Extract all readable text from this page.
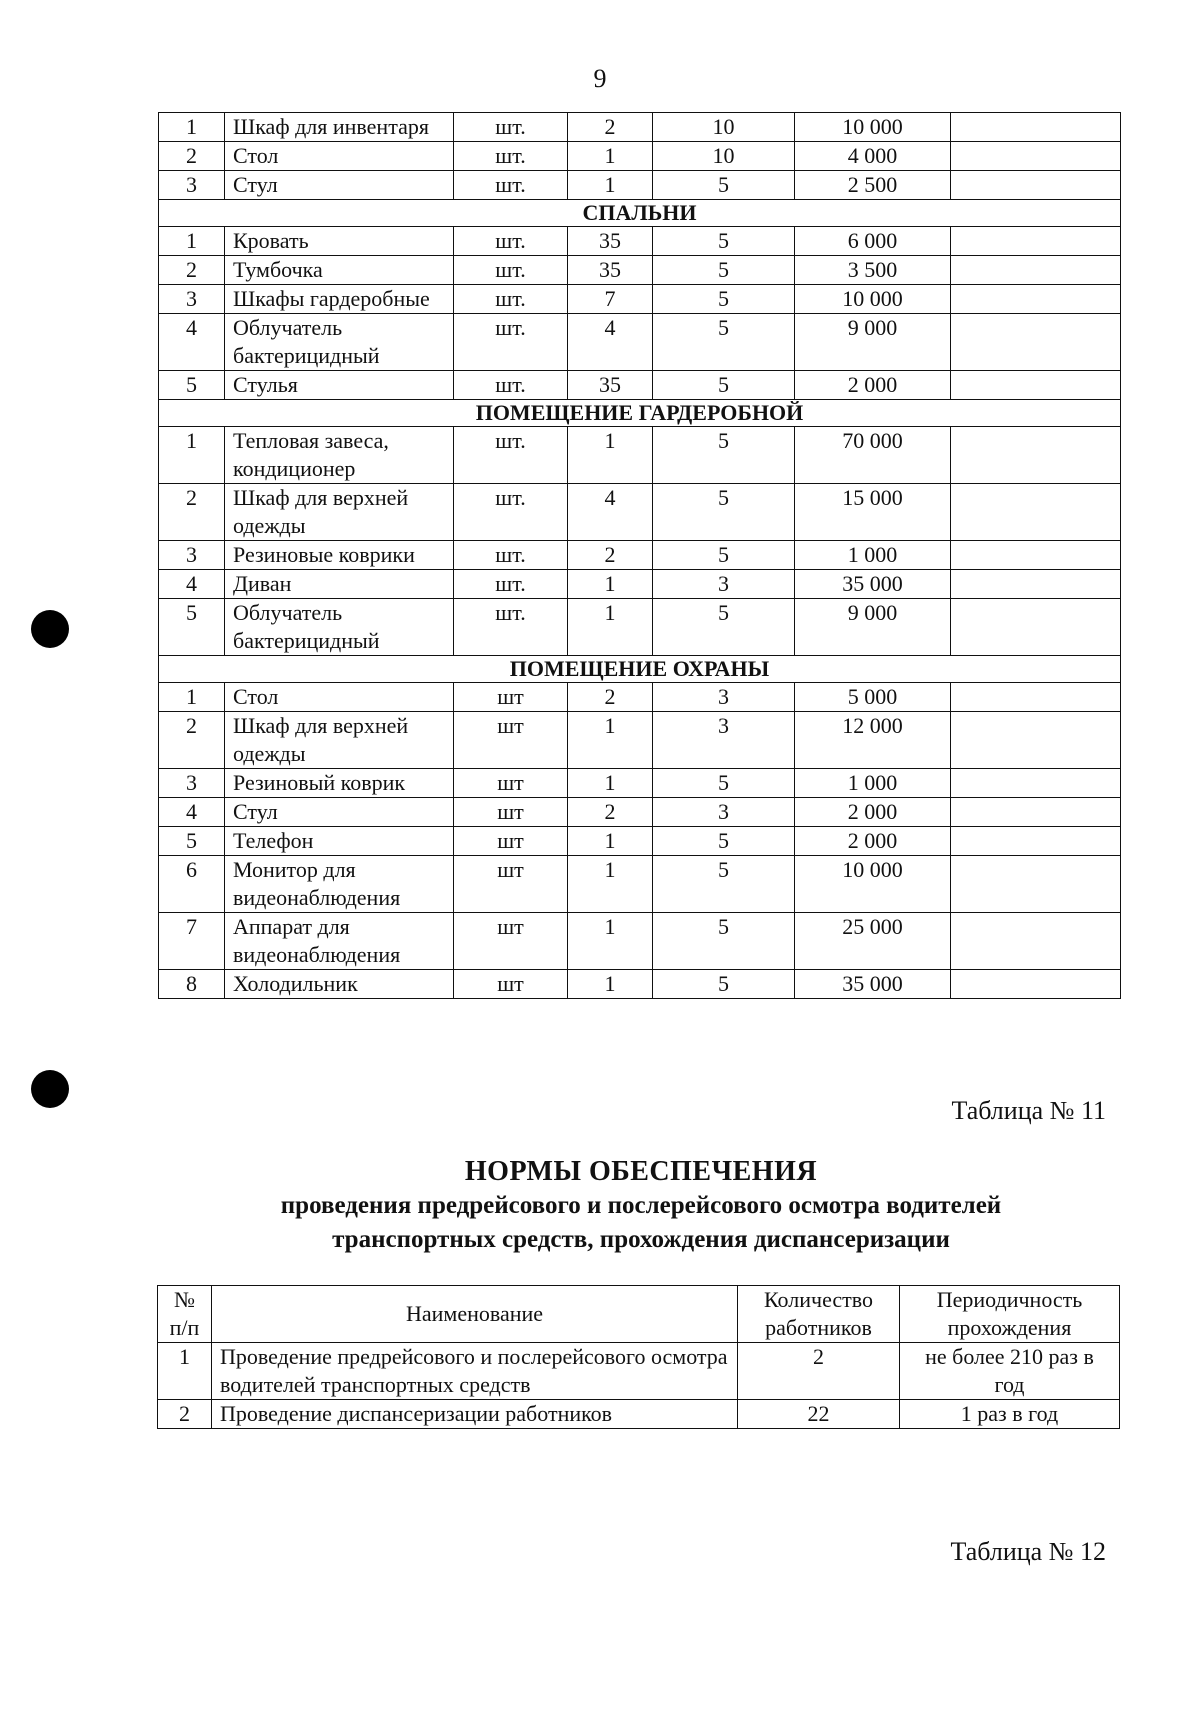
9
1	Шкаф для инвентаря	шт.	2	10	10 000	
2	Стол	шт.	1	10	4 000	
3	Стул	шт.	1	5	2 500	
СПАЛЬНИ						
1	Кровать	шт.	35	5	6 000	
2	Тумбочка	шт.	35	5	3 500	
3	Шкафы гардеробные	шт.	7	5	10 000	
4	Облучатель бактерицидный	шт.	4	5	9 000	
5	Стулья	шт.	35	5	2 000	
ПОМЕЩЕНИЕ ГАРДЕРОБНОЙ						
1	Тепловая завеса, кондиционер	шт.	1	5	70 000	
2	Шкаф для верхней одежды	шт.	4	5	15 000	
3	Резиновые коврики	шт.	2	5	1 000	
4	Диван	шт.	1	3	35 000	
5	Облучатель бактерицидный	шт.	1	5	9 000	
ПОМЕЩЕНИЕ ОХРАНЫ						
1	Стол	шт	2	3	5 000	
2	Шкаф для верхней одежды	шт	1	3	12 000	
3	Резиновый коврик	шт	1	5	1 000	
4	Стул	шт	2	3	2 000	
5	Телефон	шт	1	5	2 000	
6	Монитор для видеонаблюдения	шт	1	5	10 000	
7	Аппарат для видеонаблюдения	шт	1	5	25 000	
8	Холодильник	шт	1	5	35 000	
Таблица № 11
НОРМЫ ОБЕСПЕЧЕНИЯ
проведения предрейсового и послерейсового осмотра водителей
транспортных средств, прохождения диспансеризации
№ п/п	Наименование	Количество работников	Периодичность прохождения
1	Проведение предрейсового и послерейсового осмотра водителей транспортных средств	2	не более 210 раз в год
2	Проведение диспансеризации работников	22	1 раз в год
Таблица № 12
